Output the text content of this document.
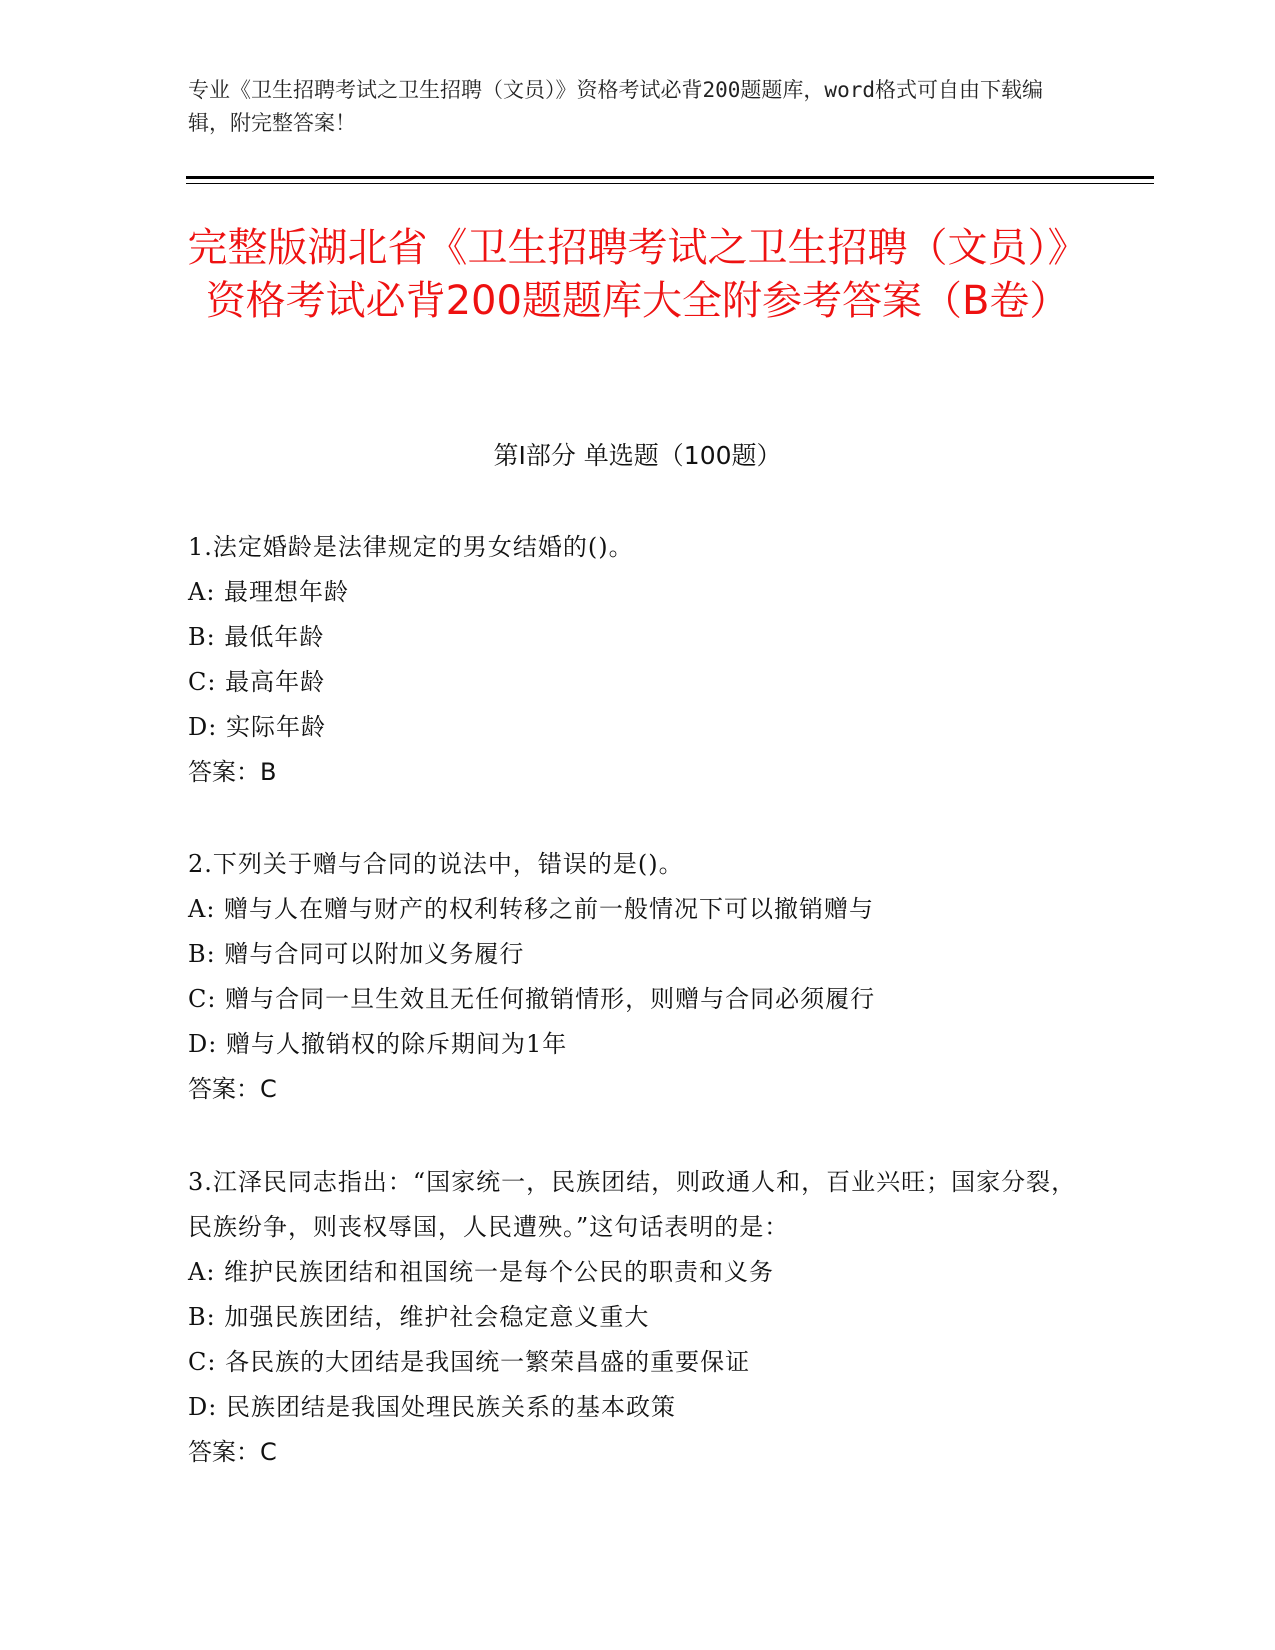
专业《卫生招聘考试之卫生招聘（文员）》资格考试必背200题题库，word格式可自由下载编辑，附完整答案！
完整版湖北省《卫生招聘考试之卫生招聘（文员）》资格考试必背200题题库大全附参考答案（B卷）
第I部分 单选题（100题）
1.法定婚龄是法律规定的男女结婚的()。
A: 最理想年龄
B: 最低年龄
C: 最高年龄
D: 实际年龄
答案：B
2.下列关于赠与合同的说法中，错误的是()。
A: 赠与人在赠与财产的权利转移之前一般情况下可以撤销赠与
B: 赠与合同可以附加义务履行
C: 赠与合同一旦生效且无任何撤销情形，则赠与合同必须履行
D: 赠与人撤销权的除斥期间为1年
答案：C
3.江泽民同志指出：“国家统一，民族团结，则政通人和，百业兴旺；国家分裂，民族纷争，则丧权辱国，人民遭殃。”这句话表明的是：
A: 维护民族团结和祖国统一是每个公民的职责和义务
B: 加强民族团结，维护社会稳定意义重大
C: 各民族的大团结是我国统一繁荣昌盛的重要保证
D: 民族团结是我国处理民族关系的基本政策
答案：C
